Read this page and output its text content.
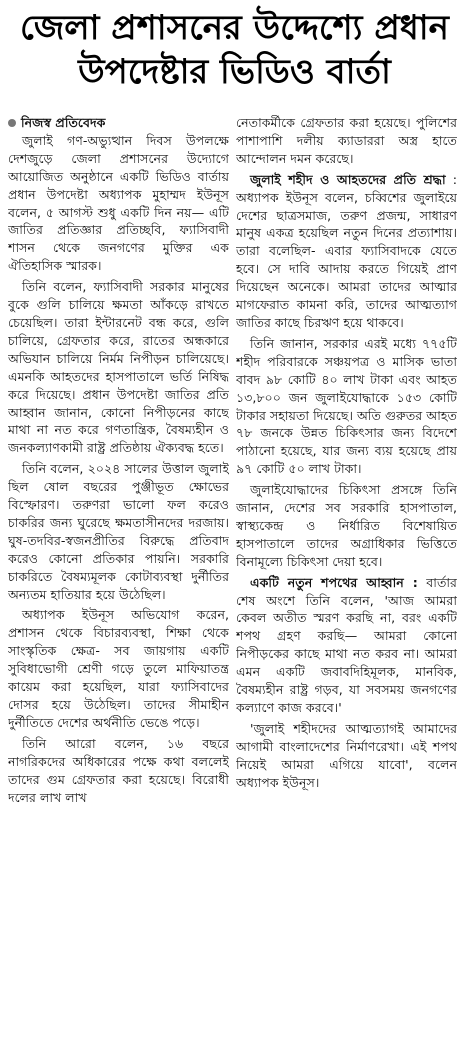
জেলা প্রশাসনের উদ্দেশ্যে প্রধান
উপদেষ্টার ভিডিও বার্তা

নিজস্ব প্রতিবেদক

জুলাই গণ-অভ্যুত্থান দিবস উপলক্ষে দেশজুড়ে জেলা প্রশাসনের উদ্যোগে আয়োজিত অনুষ্ঠানে একটি ভিডিও বার্তায় প্রধান উপদেষ্টা অধ্যাপক মুহাম্মদ ইউনূস বলেন, ৫ আগস্ট শুধু একটি দিন নয়— এটি জাতির প্রতিজ্ঞার প্রতিচ্ছবি, ফ্যাসিবাদী শাসন থেকে জনগণের মুক্তির এক ঐতিহাসিক স্মারক।

তিনি বলেন, ফ্যাসিবাদী সরকার মানুষের বুকে গুলি চালিয়ে ক্ষমতা আঁকড়ে রাখতে চেয়েছিল। তারা ইন্টারনেট বন্ধ করে, গুলি চালিয়ে, গ্রেফতার করে, রাতের অন্ধকারে অভিযান চালিয়ে নির্মম নিপীড়ন চালিয়েছে। এমনকি আহতদের হাসপাতালে ভর্তি নিষিদ্ধ করে দিয়েছে। প্রধান উপদেষ্টা জাতির প্রতি আহ্বান জানান, কোনো নিপীড়নের কাছে মাথা না নত করে গণতান্ত্রিক, বৈষম্যহীন ও জনকল্যাণকামী রাষ্ট্র প্রতিষ্ঠায় ঐক্যবদ্ধ হতে।

তিনি বলেন, ২০২৪ সালের উত্তাল জুলাই ছিল ষোল বছরের পুঞ্জীভূত ক্ষোভের বিস্ফোরণ। তরুণরা ভালো ফল করেও চাকরির জন্য ঘুরেছে ক্ষমতাসীনদের দরজায়। ঘুষ-তদবির-স্বজনপ্রীতির বিরুদ্ধে প্রতিবাদ করেও কোনো প্রতিকার পায়নি। সরকারি চাকরিতে বৈষম্যমূলক কোটাব্যবস্থা দুর্নীতির অন্যতম হাতিয়ার হয়ে উঠেছিল।

অধ্যাপক ইউনূস অভিযোগ করেন, প্রশাসন থেকে বিচারব্যবস্থা, শিক্ষা থেকে সাংস্কৃতিক ক্ষেত্র- সব জায়গায় একটি সুবিধাভোগী শ্রেণী গড়ে তুলে মাফিয়াতন্ত্র কায়েম করা হয়েছিল, যারা ফ্যাসিবাদের দোসর হয়ে উঠেছিল। তাদের সীমাহীন দুর্নীতিতে দেশের অর্থনীতি ভেঙে পড়ে।

তিনি আরো বলেন, ১৬ বছরে নাগরিকদের অধিকারের পক্ষে কথা বললেই তাদের গুম গ্রেফতার করা হয়েছে। বিরোধী দলের লাখ লাখ

নেতাকর্মীকে গ্রেফতার করা হয়েছে। পুলিশের পাশাপাশি দলীয় ক্যাডাররা অস্ত্র হাতে আন্দোলন দমন করেছে।

জুলাই শহীদ ও আহতদের প্রতি শ্রদ্ধা : অধ্যাপক ইউনূস বলেন, চব্বিশের জুলাইয়ে দেশের ছাত্রসমাজ, তরুণ প্রজন্ম, সাধারণ মানুষ একত্র হয়েছিল নতুন দিনের প্রত্যাশায়। তারা বলেছিল- এবার ফ্যাসিবাদকে যেতে হবে। সে দাবি আদায় করতে গিয়েই প্রাণ দিয়েছেন অনেকে। আমরা তাদের আত্মার মাগফেরাত কামনা করি, তাদের আত্মত্যাগ জাতির কাছে চিরঋণ হয়ে থাকবে।

তিনি জানান, সরকার এরই মধ্যে ৭৭৫টি শহীদ পরিবারকে সঞ্চয়পত্র ও মাসিক ভাতা বাবদ ৯৮ কোটি ৪০ লাখ টাকা এবং আহত ১৩,৮০০ জন জুলাইযোদ্ধাকে ১৫৩ কোটি টাকার সহায়তা দিয়েছে। অতি গুরুতর আহত ৭৮ জনকে উন্নত চিকিৎসার জন্য বিদেশে পাঠানো হয়েছে, যার জন্য ব্যয় হয়েছে প্রায় ৯৭ কোটি ৫০ লাখ টাকা।

জুলাইযোদ্ধাদের চিকিৎসা প্রসঙ্গে তিনি জানান, দেশের সব সরকারি হাসপাতাল, স্বাস্থ্যকেন্দ্র ও নির্ধারিত বিশেষায়িত হাসপাতালে তাদের অগ্রাধিকার ভিত্তিতে বিনামূল্যে চিকিৎসা দেয়া হবে।

একটি নতুন শপথের আহ্বান : বার্তার শেষ অংশে তিনি বলেন, 'আজ আমরা কেবল অতীত স্মরণ করছি না, বরং একটি শপথ গ্রহণ করছি— আমরা কোনো নিপীড়কের কাছে মাথা নত করব না। আমরা এমন একটি জবাবদিহিমূলক, মানবিক, বৈষম্যহীন রাষ্ট্র গড়ব, যা সবসময় জনগণের কল্যাণে কাজ করবে।'

'জুলাই শহীদদের আত্মত্যাগই আমাদের আগামী বাংলাদেশের নির্মাণরেখা। এই শপথ নিয়েই আমরা এগিয়ে যাবো', বলেন অধ্যাপক ইউনূস।
